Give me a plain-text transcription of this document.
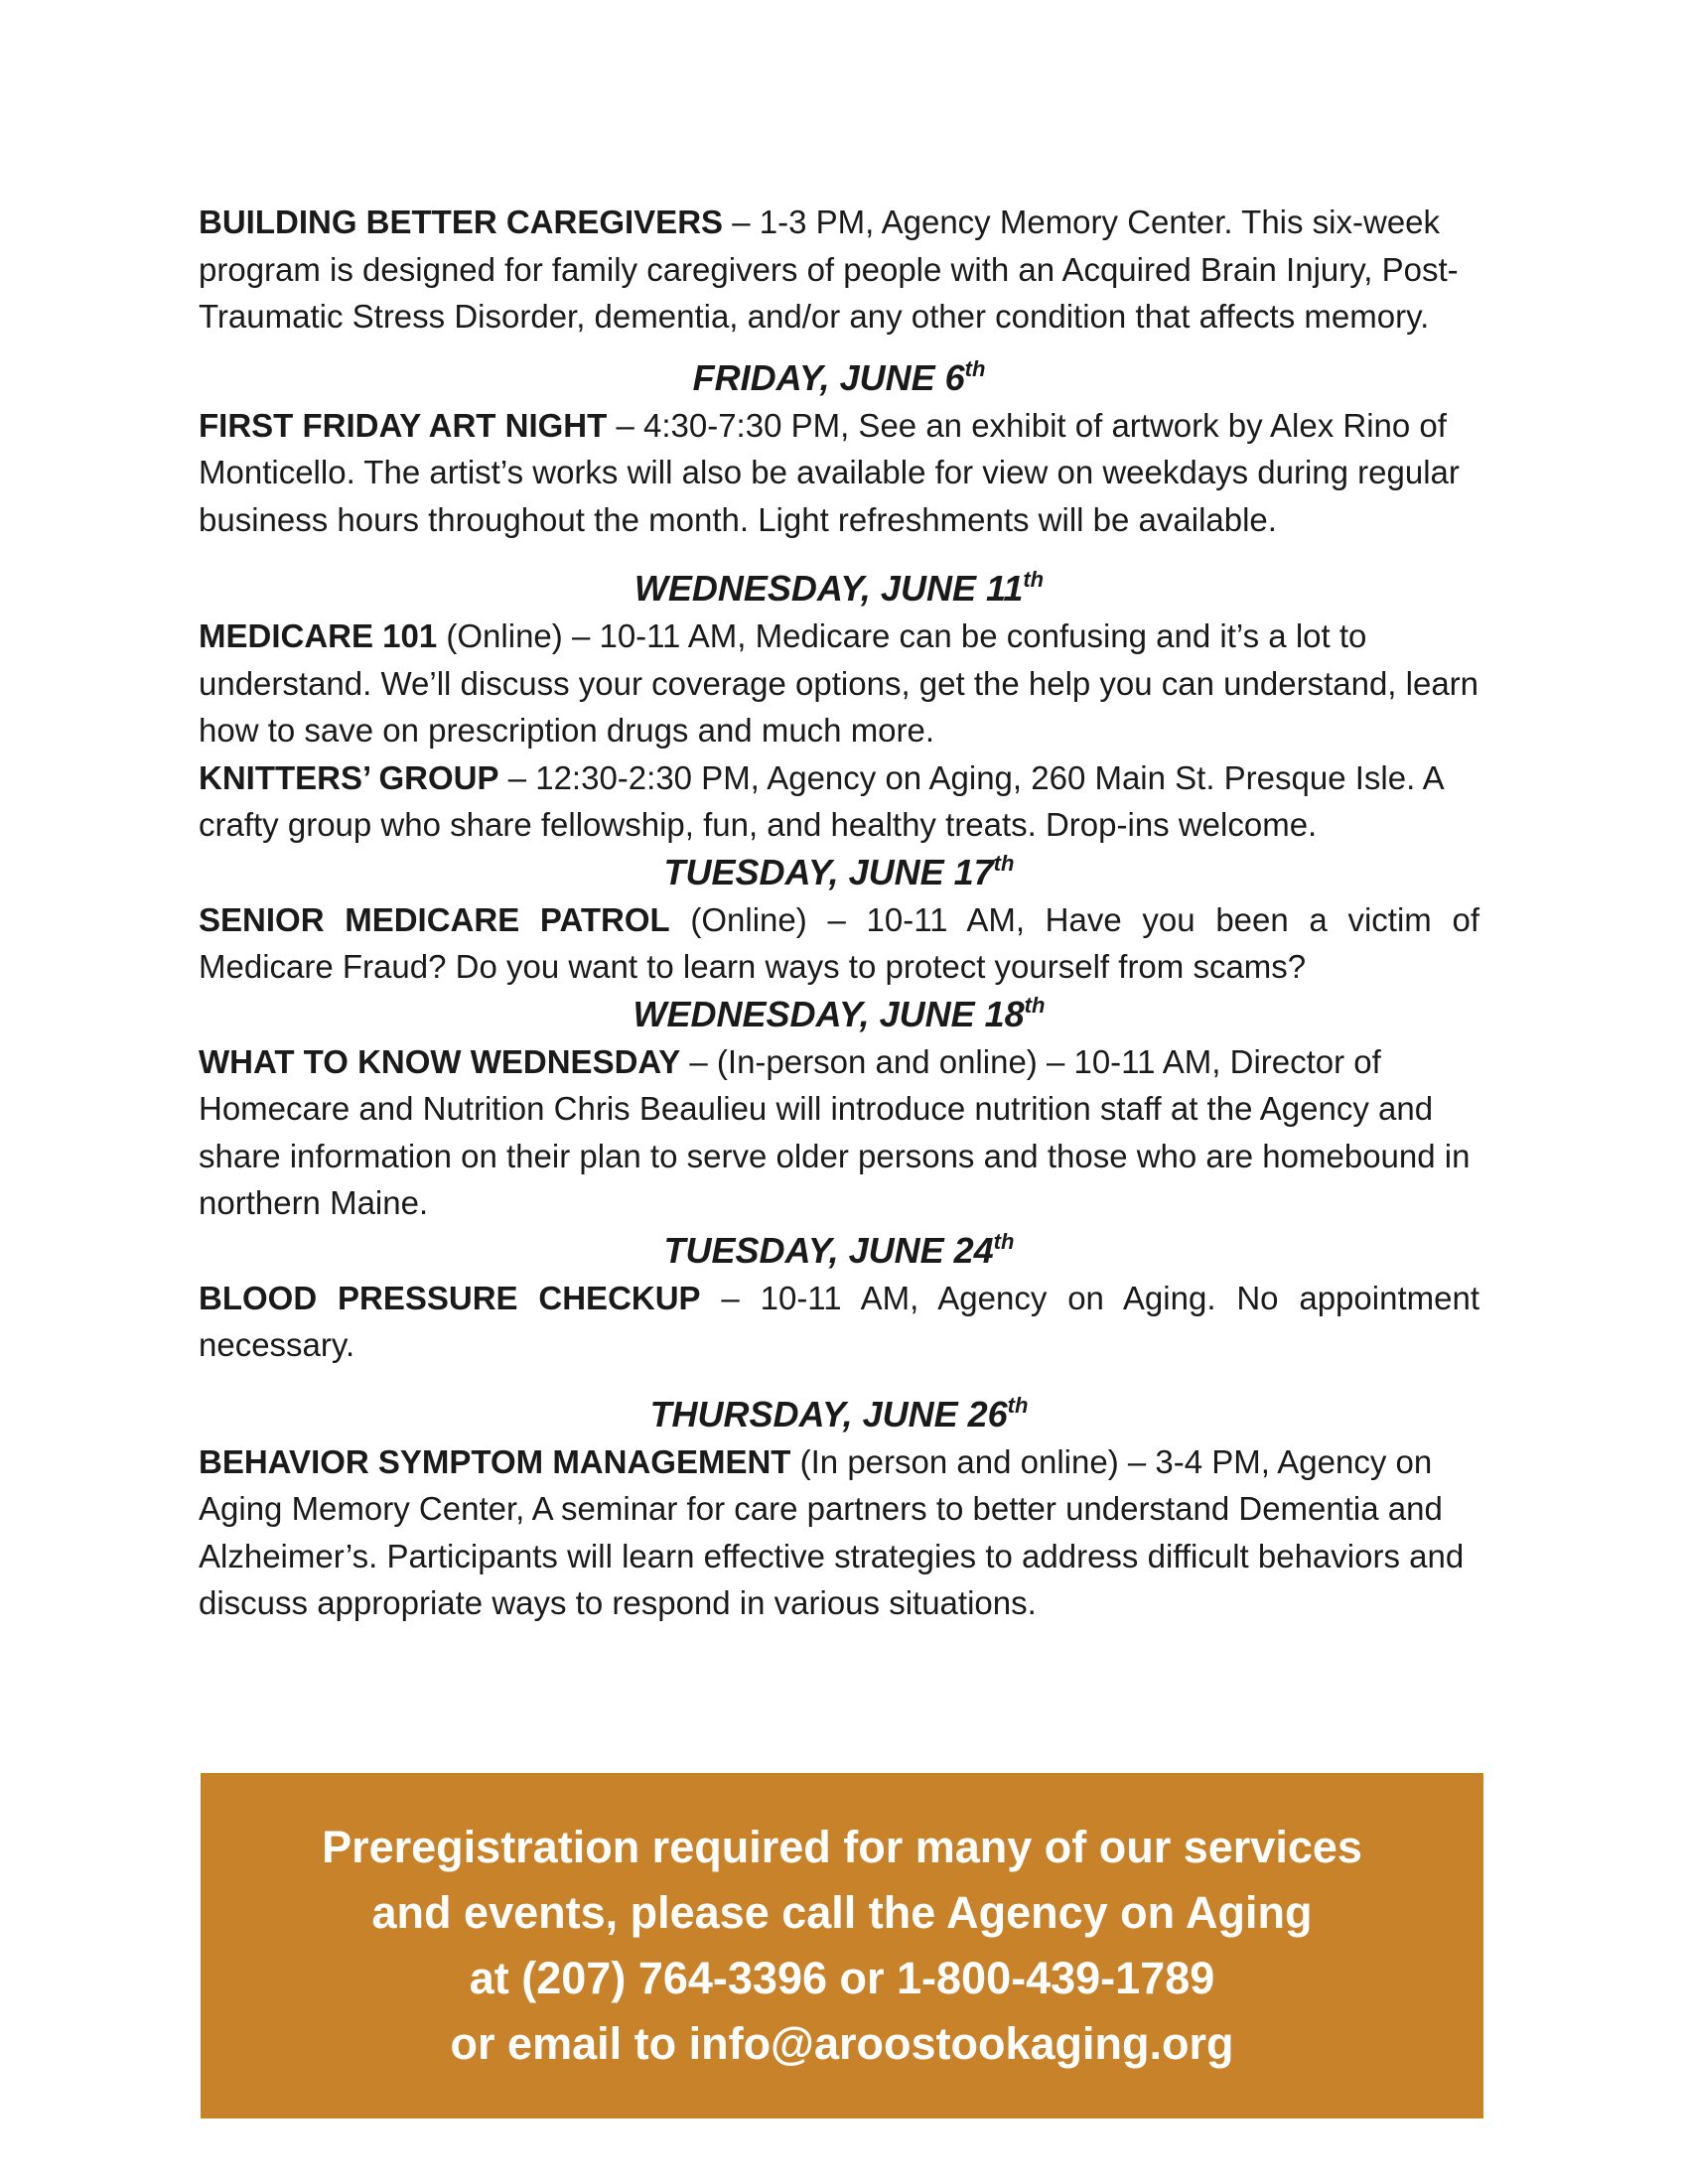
BUILDING BETTER CAREGIVERS – 1-3 PM, Agency Memory Center. This six-week program is designed for family caregivers of people with an Acquired Brain Injury, Post-Traumatic Stress Disorder, dementia, and/or any other condition that affects memory.

FRIDAY, JUNE 6th

FIRST FRIDAY ART NIGHT – 4:30-7:30 PM, See an exhibit of artwork by Alex Rino of Monticello. The artist’s works will also be available for view on weekdays during regular business hours throughout the month. Light refreshments will be available.

WEDNESDAY, JUNE 11th

MEDICARE 101 (Online) – 10-11 AM, Medicare can be confusing and it’s a lot to understand. We’ll discuss your coverage options, get the help you can understand, learn how to save on prescription drugs and much more.

KNITTERS’ GROUP – 12:30-2:30 PM, Agency on Aging, 260 Main St. Presque Isle. A crafty group who share fellowship, fun, and healthy treats. Drop-ins welcome.

TUESDAY, JUNE 17th

SENIOR MEDICARE PATROL (Online) – 10-11 AM, Have you been a victim of Medicare Fraud? Do you want to learn ways to protect yourself from scams?

WEDNESDAY, JUNE 18th

WHAT TO KNOW WEDNESDAY – (In-person and online) – 10-11 AM, Director of Homecare and Nutrition Chris Beaulieu will introduce nutrition staff at the Agency and share information on their plan to serve older persons and those who are homebound in northern Maine.

TUESDAY, JUNE 24th

BLOOD PRESSURE CHECKUP – 10-11 AM, Agency on Aging. No appointment necessary.

THURSDAY, JUNE 26th

BEHAVIOR SYMPTOM MANAGEMENT (In person and online) – 3-4 PM, Agency on Aging Memory Center, A seminar for care partners to better understand Dementia and Alzheimer’s. Participants will learn effective strategies to address difficult behaviors and discuss appropriate ways to respond in various situations.

Preregistration required for many of our services
and events, please call the Agency on Aging
at (207) 764-3396 or 1-800-439-1789
or email to info@aroostookaging.org
